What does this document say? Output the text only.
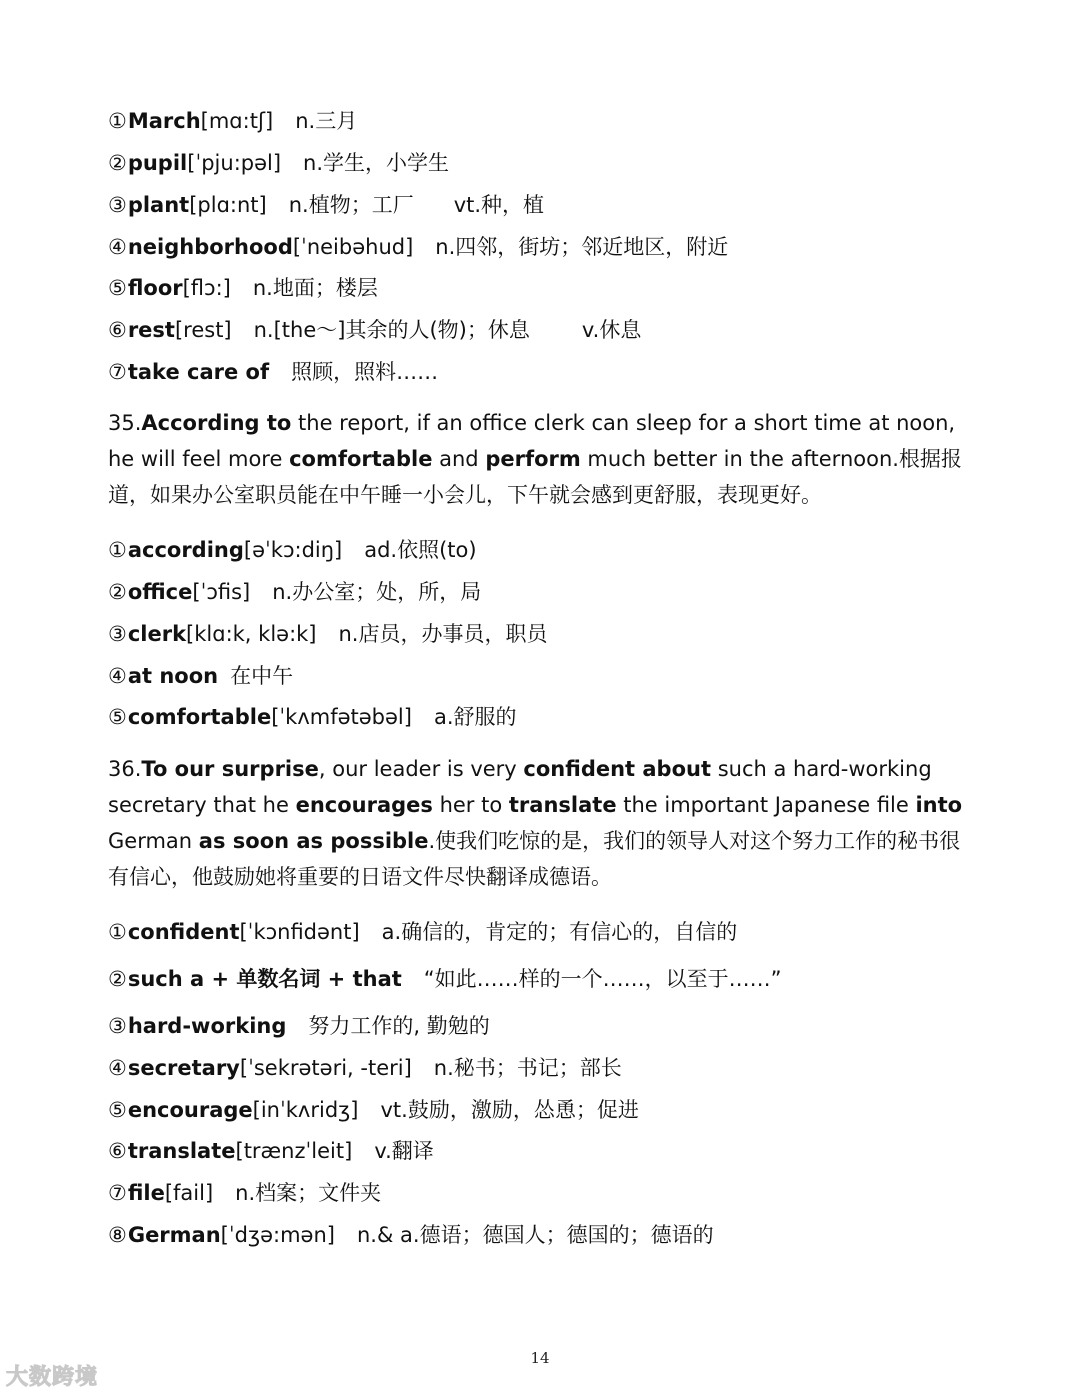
①March[mɑ:tʃ] n.三月
②pupil[ˈpju:pəl] n.学生，小学生
③plant[plɑ:nt] n.植物；工厂 vt.种，植
④neighborhood[ˈneibəhud] n.四邻，街坊；邻近地区，附近
⑤floor[flɔ:] n.地面；楼层
⑥rest[rest] n.[the～]其余的人(物)；休息 v.休息
⑦take care of 照顾，照料……

35.According to the report, if an office clerk can sleep for a short time at noon, he will feel more comfortable and perform much better in the afternoon.根据报道，如果办公室职员能在中午睡一小会儿，下午就会感到更舒服，表现更好。

①according[əˈkɔ:diŋ] ad.依照(to)
②office[ˈɔfis] n.办公室；处，所，局
③clerk[klɑ:k, klə:k] n.店员，办事员，职员
④at noon 在中午
⑤comfortable[ˈkʌmfətəbəl] a.舒服的

36.To our surprise, our leader is very confident about such a hard-working secretary that he encourages her to translate the important Japanese file into German as soon as possible.使我们吃惊的是，我们的领导人对这个努力工作的秘书很有信心，他鼓励她将重要的日语文件尽快翻译成德语。

①confident[ˈkɔnfidənt] a.确信的，肯定的；有信心的，自信的
②such a + 单数名词 + that “如此……样的一个……，以至于……”
③hard-working 努力工作的, 勤勉的
④secretary[ˈsekrətəri, -teri] n.秘书；书记；部长
⑤encourage[inˈkʌridʒ] vt.鼓励，激励，怂恿；促进
⑥translate[trænzˈleit] v.翻译
⑦file[fail] n.档案；文件夹
⑧German[ˈdʒə:mən] n.& a.德语；德国人；德国的；德语的
14
大数跨境
